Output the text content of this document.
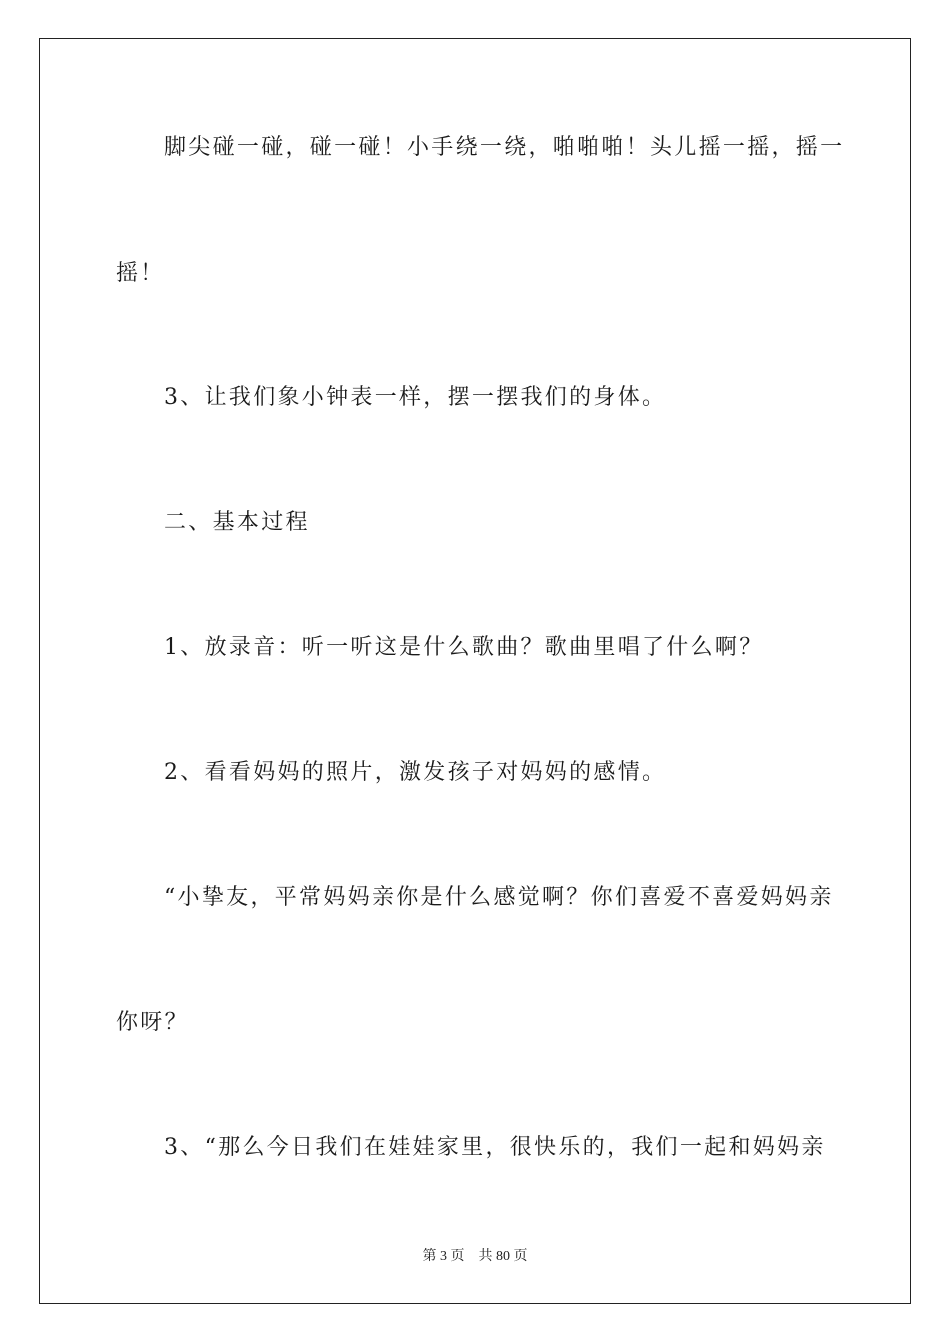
脚尖碰一碰，碰一碰！小手绕一绕，啪啪啪！头儿摇一摇，摇一
摇！
3、让我们象小钟表一样，摆一摆我们的身体。
二、基本过程
1、放录音：听一听这是什么歌曲？歌曲里唱了什么啊？
2、看看妈妈的照片，激发孩子对妈妈的感情。
“小挚友，平常妈妈亲你是什么感觉啊？你们喜爱不喜爱妈妈亲
你呀？
3、“那么今日我们在娃娃家里，很快乐的，我们一起和妈妈亲
第 3 页 共 80 页
